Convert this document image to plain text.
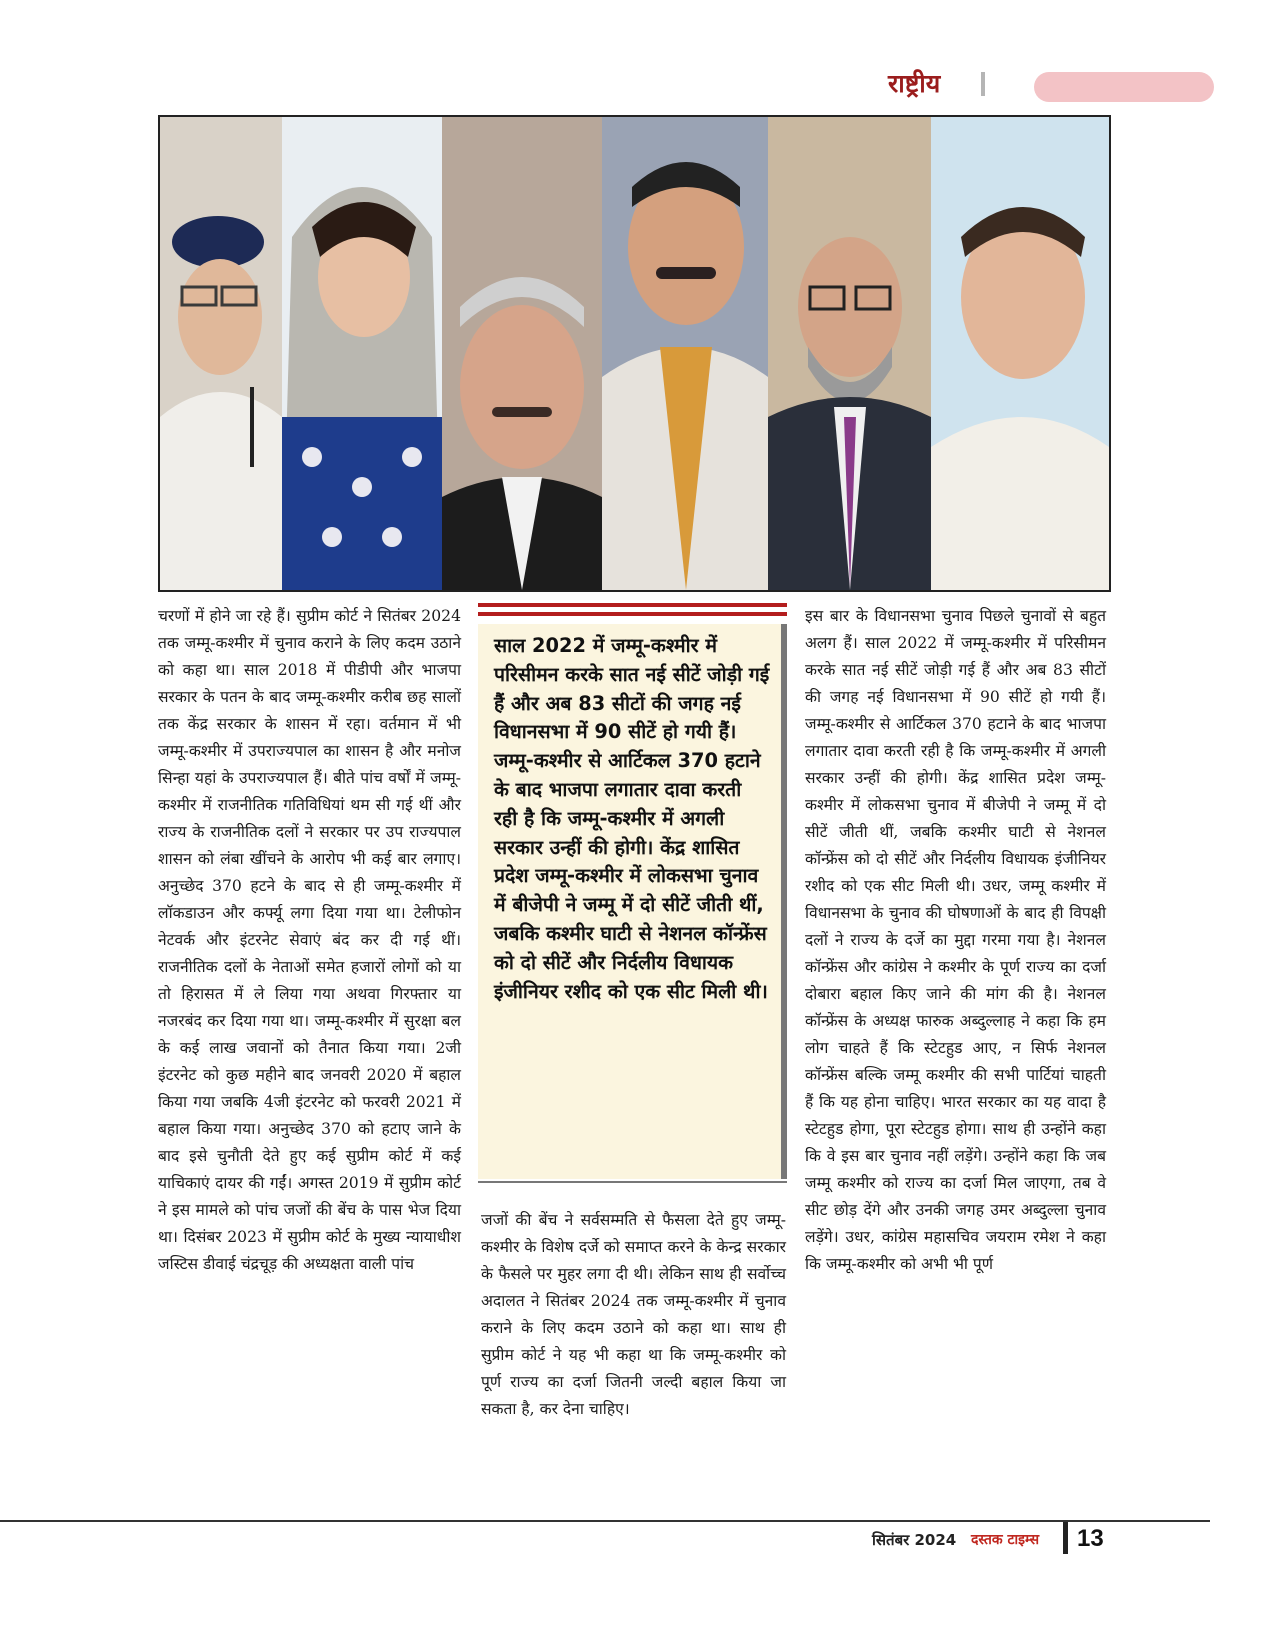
राष्ट्रीय
चरणों में होने जा रहे हैं। सुप्रीम कोर्ट ने सितंबर 2024 तक जम्मू-कश्मीर में चुनाव कराने के लिए कदम उठाने को कहा था। साल 2018 में पीडीपी और भाजपा सरकार के पतन के बाद जम्मू-कश्मीर करीब छह सालों तक केंद्र सरकार के शासन में रहा। वर्तमान में भी जम्मू-कश्मीर में उपराज्यपाल का शासन है और मनोज सिन्हा यहां के उपराज्यपाल हैं। बीते पांच वर्षों में जम्मू-कश्मीर में राजनीतिक गतिविधियां थम सी गई थीं और राज्य के राजनीतिक दलों ने सरकार पर उप राज्यपाल शासन को लंबा खींचने के आरोप भी कई बार लगाए। अनुच्छेद 370 हटने के बाद से ही जम्मू-कश्मीर में लॉकडाउन और कर्फ्यू लगा दिया गया था। टेलीफोन नेटवर्क और इंटरनेट सेवाएं बंद कर दी गई थीं। राजनीतिक दलों के नेताओं समेत हजारों लोगों को या तो हिरासत में ले लिया गया अथवा गिरफ्तार या नजरबंद कर दिया गया था। जम्मू-कश्मीर में सुरक्षा बल के कई लाख जवानों को तैनात किया गया। 2जी इंटरनेट को कुछ महीने बाद जनवरी 2020 में बहाल किया गया जबकि 4जी इंटरनेट को फरवरी 2021 में बहाल किया गया। अनुच्छेद 370 को हटाए जाने के बाद इसे चुनौती देते हुए कई सुप्रीम कोर्ट में कई याचिकाएं दायर की गईं। अगस्त 2019 में सुप्रीम कोर्ट ने इस मामले को पांच जजों की बेंच के पास भेज दिया था। दिसंबर 2023 में सुप्रीम कोर्ट के मुख्य न्यायाधीश जस्टिस डीवाई चंद्रचूड़ की अध्यक्षता वाली पांच
साल 2022 में जम्मू-कश्मीर में परिसीमन करके सात नई सीटें जोड़ी गई हैं और अब 83 सीटों की जगह नई विधानसभा में 90 सीटें हो गयी हैं। जम्मू-कश्मीर से आर्टिकल 370 हटाने के बाद भाजपा लगातार दावा करती रही है कि जम्मू-कश्मीर में अगली सरकार उन्हीं की होगी। केंद्र शासित प्रदेश जम्मू-कश्मीर में लोकसभा चुनाव में बीजेपी ने जम्मू में दो सीटें जीती थीं, जबकि कश्मीर घाटी से नेशनल कॉन्फ्रेंस को दो सीटें और निर्दलीय विधायक इंजीनियर रशीद को एक सीट मिली थी।
जजों की बेंच ने सर्वसम्मति से फैसला देते हुए जम्मू-कश्मीर के विशेष दर्जे को समाप्त करने के केन्द्र सरकार के फैसले पर मुहर लगा दी थी। लेकिन साथ ही सर्वोच्च अदालत ने सितंबर 2024 तक जम्मू-कश्मीर में चुनाव कराने के लिए कदम उठाने को कहा था। साथ ही सुप्रीम कोर्ट ने यह भी कहा था कि जम्मू-कश्मीर को पूर्ण राज्य का दर्जा जितनी जल्दी बहाल किया जा सकता है, कर देना चाहिए।
इस बार के विधानसभा चुनाव पिछले चुनावों से बहुत अलग हैं। साल 2022 में जम्मू-कश्मीर में परिसीमन करके सात नई सीटें जोड़ी गई हैं और अब 83 सीटों की जगह नई विधानसभा में 90 सीटें हो गयी हैं। जम्मू-कश्मीर से आर्टिकल 370 हटाने के बाद भाजपा लगातार दावा करती रही है कि जम्मू-कश्मीर में अगली सरकार उन्हीं की होगी। केंद्र शासित प्रदेश जम्मू-कश्मीर में लोकसभा चुनाव में बीजेपी ने जम्मू में दो सीटें जीती थीं, जबकि कश्मीर घाटी से नेशनल कॉन्फ्रेंस को दो सीटें और निर्दलीय विधायक इंजीनियर रशीद को एक सीट मिली थी। उधर, जम्मू कश्मीर में विधानसभा के चुनाव की घोषणाओं के बाद ही विपक्षी दलों ने राज्य के दर्जे का मुद्दा गरमा गया है। नेशनल कॉन्फ्रेंस और कांग्रेस ने कश्मीर के पूर्ण राज्य का दर्जा दोबारा बहाल किए जाने की मांग की है। नेशनल कॉन्फ्रेंस के अध्यक्ष फारुक अब्दुल्लाह ने कहा कि हम लोग चाहते हैं कि स्टेटहुड आए, न सिर्फ नेशनल कॉन्फ्रेंस बल्कि जम्मू कश्मीर की सभी पार्टियां चाहती हैं कि यह होना चाहिए। भारत सरकार का यह वादा है स्टेटहुड होगा, पूरा स्टेटहुड होगा। साथ ही उन्होंने कहा कि वे इस बार चुनाव नहीं लड़ेंगे। उन्होंने कहा कि जब जम्मू कश्मीर को राज्य का दर्जा मिल जाएगा, तब वे सीट छोड़ देंगे और उनकी जगह उमर अब्दुल्ला चुनाव लड़ेंगे। उधर, कांग्रेस महासचिव जयराम रमेश ने कहा कि जम्मू-कश्मीर को अभी भी पूर्ण
सितंबर 2024 दस्तक टाइम्स 13
